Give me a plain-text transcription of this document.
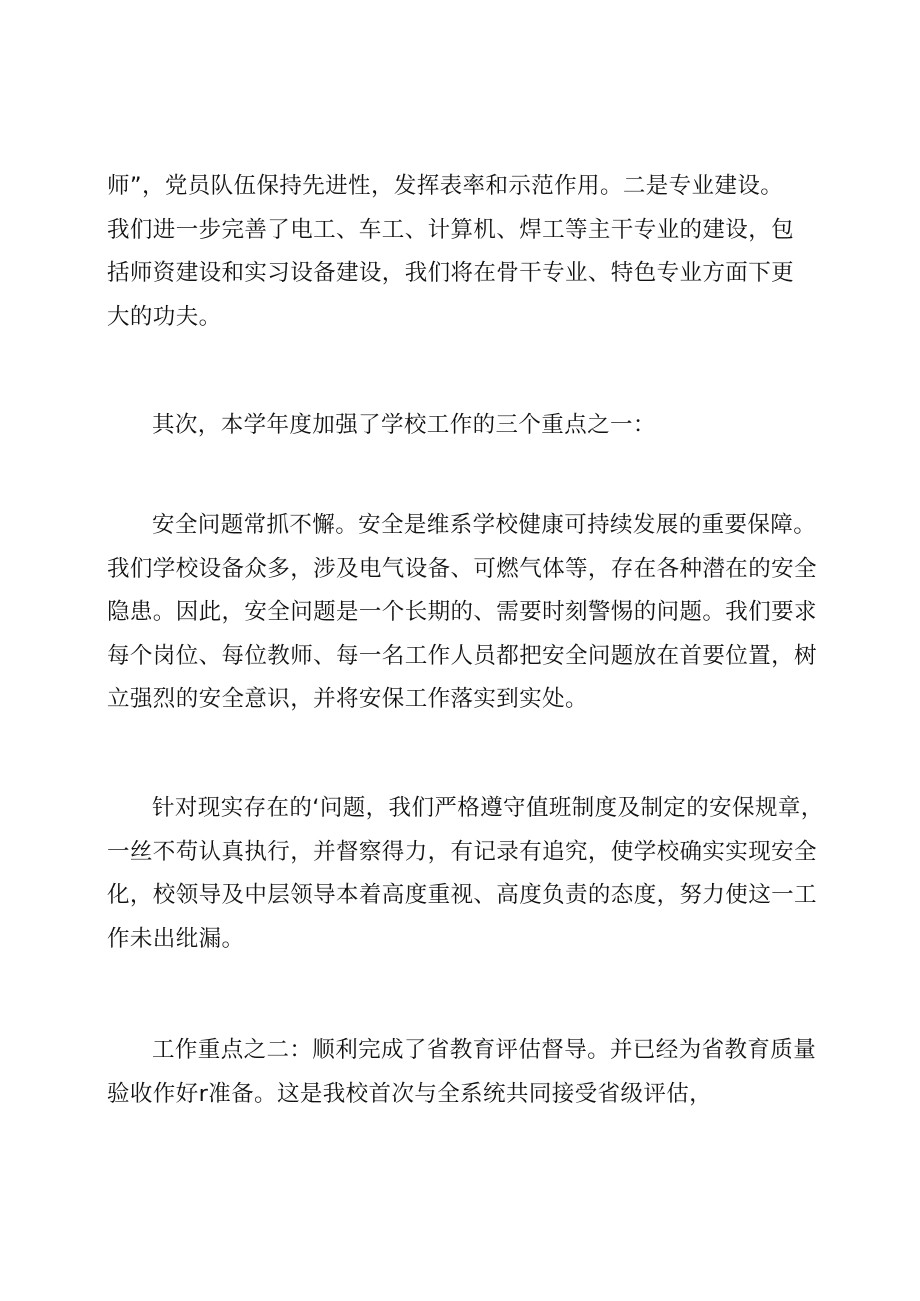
师”，党员队伍保持先进性，发挥表率和示范作用。二是专业建设。
我们进一步完善了电工、车工、计算机、焊工等主干专业的建设，包
括师资建设和实习设备建设，我们将在骨干专业、特色专业方面下更
大的功夫。
其次，本学年度加强了学校工作的三个重点之一：
安全问题常抓不懈。安全是维系学校健康可持续发展的重要保障。
我们学校设备众多，涉及电气设备、可燃气体等，存在各种潜在的安全
隐患。因此，安全问题是一个长期的、需要时刻警惕的问题。我们要求
每个岗位、每位教师、每一名工作人员都把安全问题放在首要位置，树
立强烈的安全意识，并将安保工作落实到实处。
针对现实存在的‘问题，我们严格遵守值班制度及制定的安保规章，
一丝不苟认真执行，并督察得力，有记录有追究，使学校确实实现安全
化，校领导及中层领导本着高度重视、高度负责的态度，努力使这一工
作未出纰漏。
工作重点之二：顺利完成了省教育评估督导。并已经为省教育质量
验收作好r准备。这是我校首次与全系统共同接受省级评估，
